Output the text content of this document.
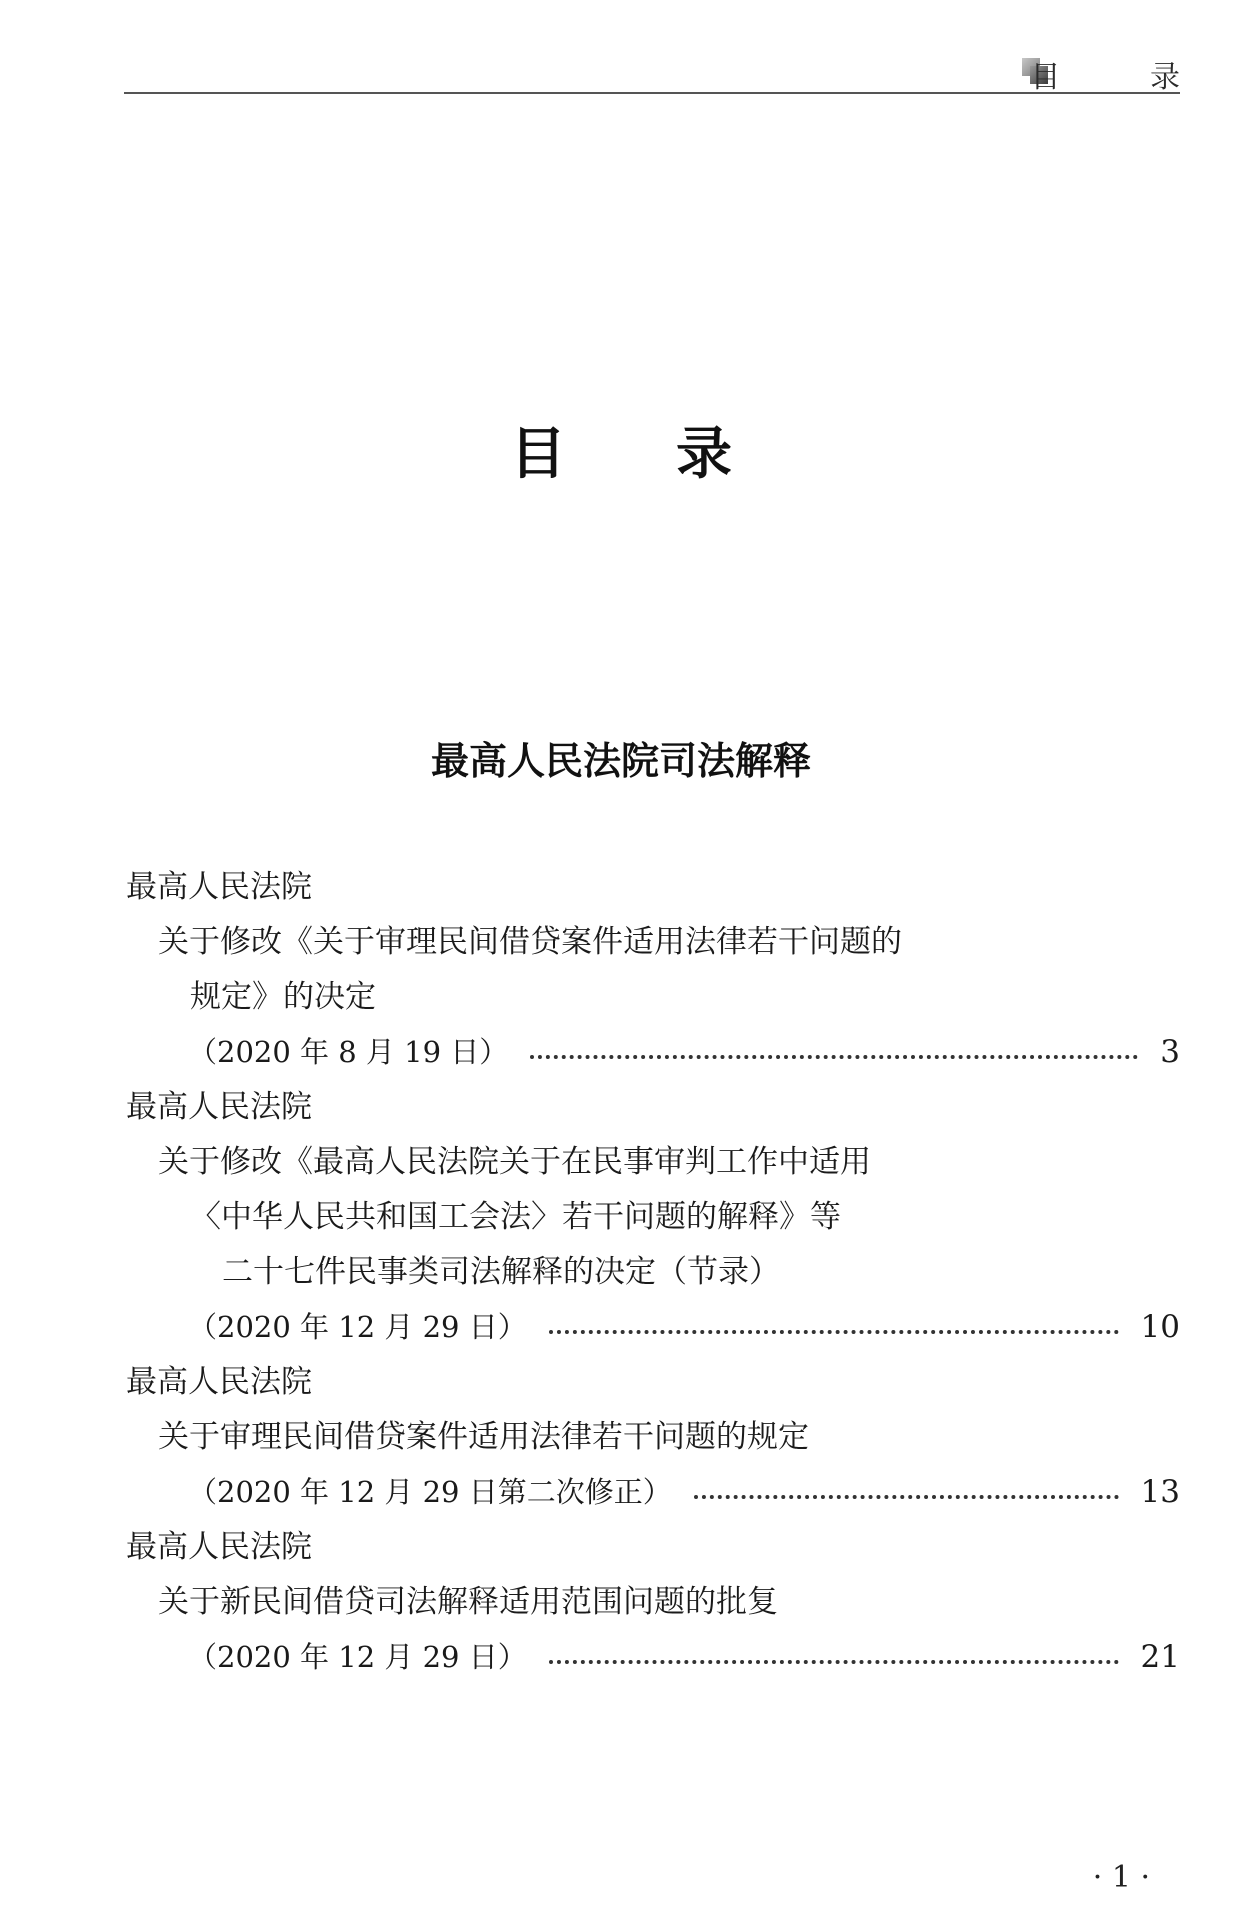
目 录
目录
最高人民法院司法解释
最高人民法院
关于修改《关于审理民间借贷案件适用法律若干问题的
规定》的决定
（2020 年 8 月 19 日）	3
最高人民法院
关于修改《最高人民法院关于在民事审判工作中适用
〈中华人民共和国工会法〉若干问题的解释》等
二十七件民事类司法解释的决定（节录）
（2020 年 12 月 29 日）	10
最高人民法院
关于审理民间借贷案件适用法律若干问题的规定
（2020 年 12 月 29 日第二次修正）	13
最高人民法院
关于新民间借贷司法解释适用范围问题的批复
（2020 年 12 月 29 日）	21
· 1 ·
